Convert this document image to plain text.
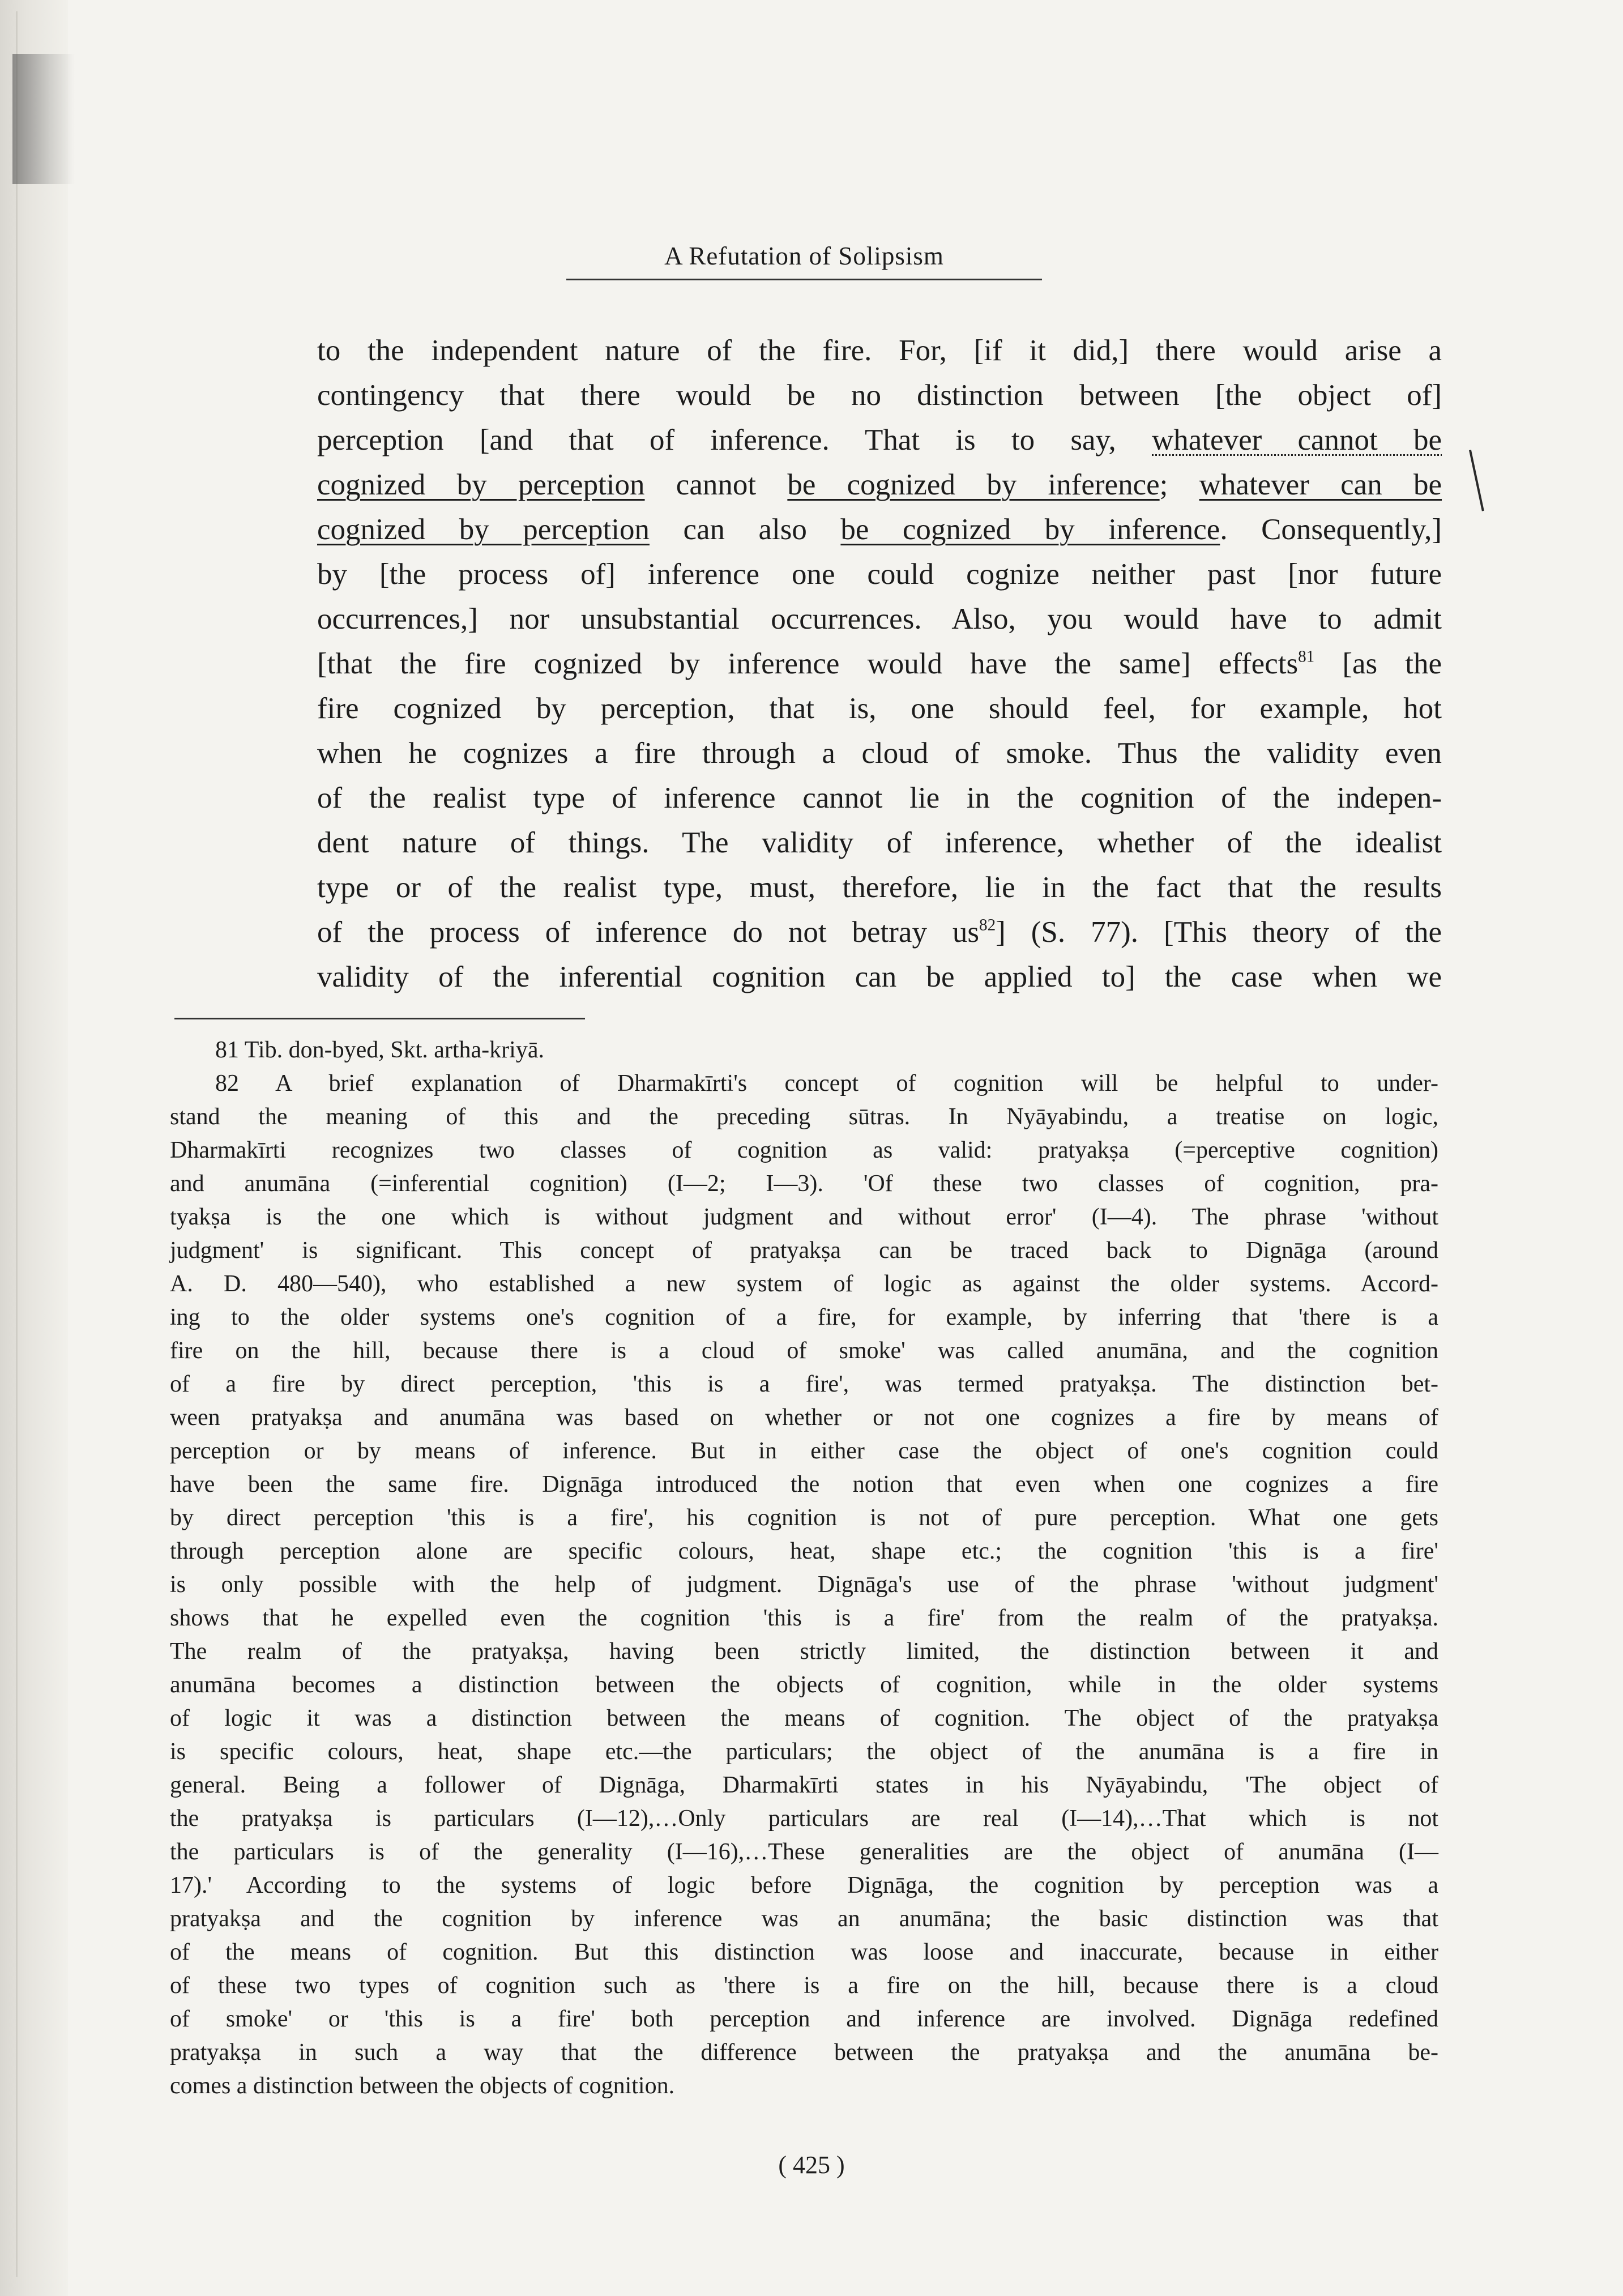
A Refutation of Solipsism
to the independent nature of the fire. For, [if it did,] there would arise a
contingency that there would be no distinction between [the object of]
perception [and that of inference. That is to say, whatever cannot be
cognized by perception cannot be cognized by inference; whatever can be
cognized by perception can also be cognized by inference. Consequently,]
by [the process of] inference one could cognize neither past [nor future
occurrences,] nor unsubstantial occurrences. Also, you would have to admit
[that the fire cognized by inference would have the same] effects$^{81}$ [as the
fire cognized by perception, that is, one should feel, for example, hot
when he cognizes a fire through a cloud of smoke. Thus the validity even
of the realist type of inference cannot lie in the cognition of the indepen-
dent nature of things. The validity of inference, whether of the idealist
type or of the realist type, must, therefore, lie in the fact that the results
of the process of inference do not betray $us^{82}$] (S. 77). [This theory of the
validity of the inferential cognition can be applied to] the case when we
81 Tib. don-byed, Skt. artha-kriyā.
82 A brief explanation of Dharmakīrti's concept of cognition will be helpful to under-
stand the meaning of this and the preceding sūtras. In Nyāyabindu, a treatise on logic,
Dharmakīrti recognizes two classes of cognition as valid: pratyakṣa (=perceptive cognition)
and anumāna (=inferential cognition) (I—2; I—3). 'Of these two classes of cognition, pra-
tyakṣa is the one which is without judgment and without error' (I—4). The phrase 'without
judgment' is significant. This concept of pratyakṣa can be traced back to Dignāga (around
A. D. 480—540), who established a new system of logic as against the older systems. Accord-
ing to the older systems one's cognition of a fire, for example, by inferring that 'there is a
fire on the hill, because there is a cloud of smoke' was called anumāna, and the cognition
of a fire by direct perception, 'this is a fire', was termed pratyakṣa. The distinction bet-
ween pratyakṣa and anumāna was based on whether or not one cognizes a fire by means of
perception or by means of inference. But in either case the object of one's cognition could
have been the same fire. Dignāga introduced the notion that even when one cognizes a fire
by direct perception 'this is a fire', his cognition is not of pure perception. What one gets
through perception alone are specific colours, heat, shape etc.; the cognition 'this is a fire'
is only possible with the help of judgment. Dignāga's use of the phrase 'without judgment'
shows that he expelled even the cognition 'this is a fire' from the realm of the pratyakṣa.
The realm of the pratyakṣa, having been strictly limited, the distinction between it and
anumāna becomes a distinction between the objects of cognition, while in the older systems
of logic it was a distinction between the means of cognition. The object of the pratyakṣa
is specific colours, heat, shape etc.—the particulars; the object of the anumāna is a fire in
general. Being a follower of Dignāga, Dharmakīrti states in his Nyāyabindu, 'The object of
the pratyakṣa is particulars (I—12),…Only particulars are real (I—14),…That which is not
the particulars is of the generality (I—16),…These generalities are the object of anumāna (I—
17).' According to the systems of logic before Dignāga, the cognition by perception was a
pratyakṣa and the cognition by inference was an anumāna; the basic distinction was that
of the means of cognition. But this distinction was loose and inaccurate, because in either
of these two types of cognition such as 'there is a fire on the hill, because there is a cloud
of smoke' or 'this is a fire' both perception and inference are involved. Dignāga redefined
pratyakṣa in such a way that the difference between the pratyakṣa and the anumāna be-
comes a distinction between the objects of cognition.
( 425 )
